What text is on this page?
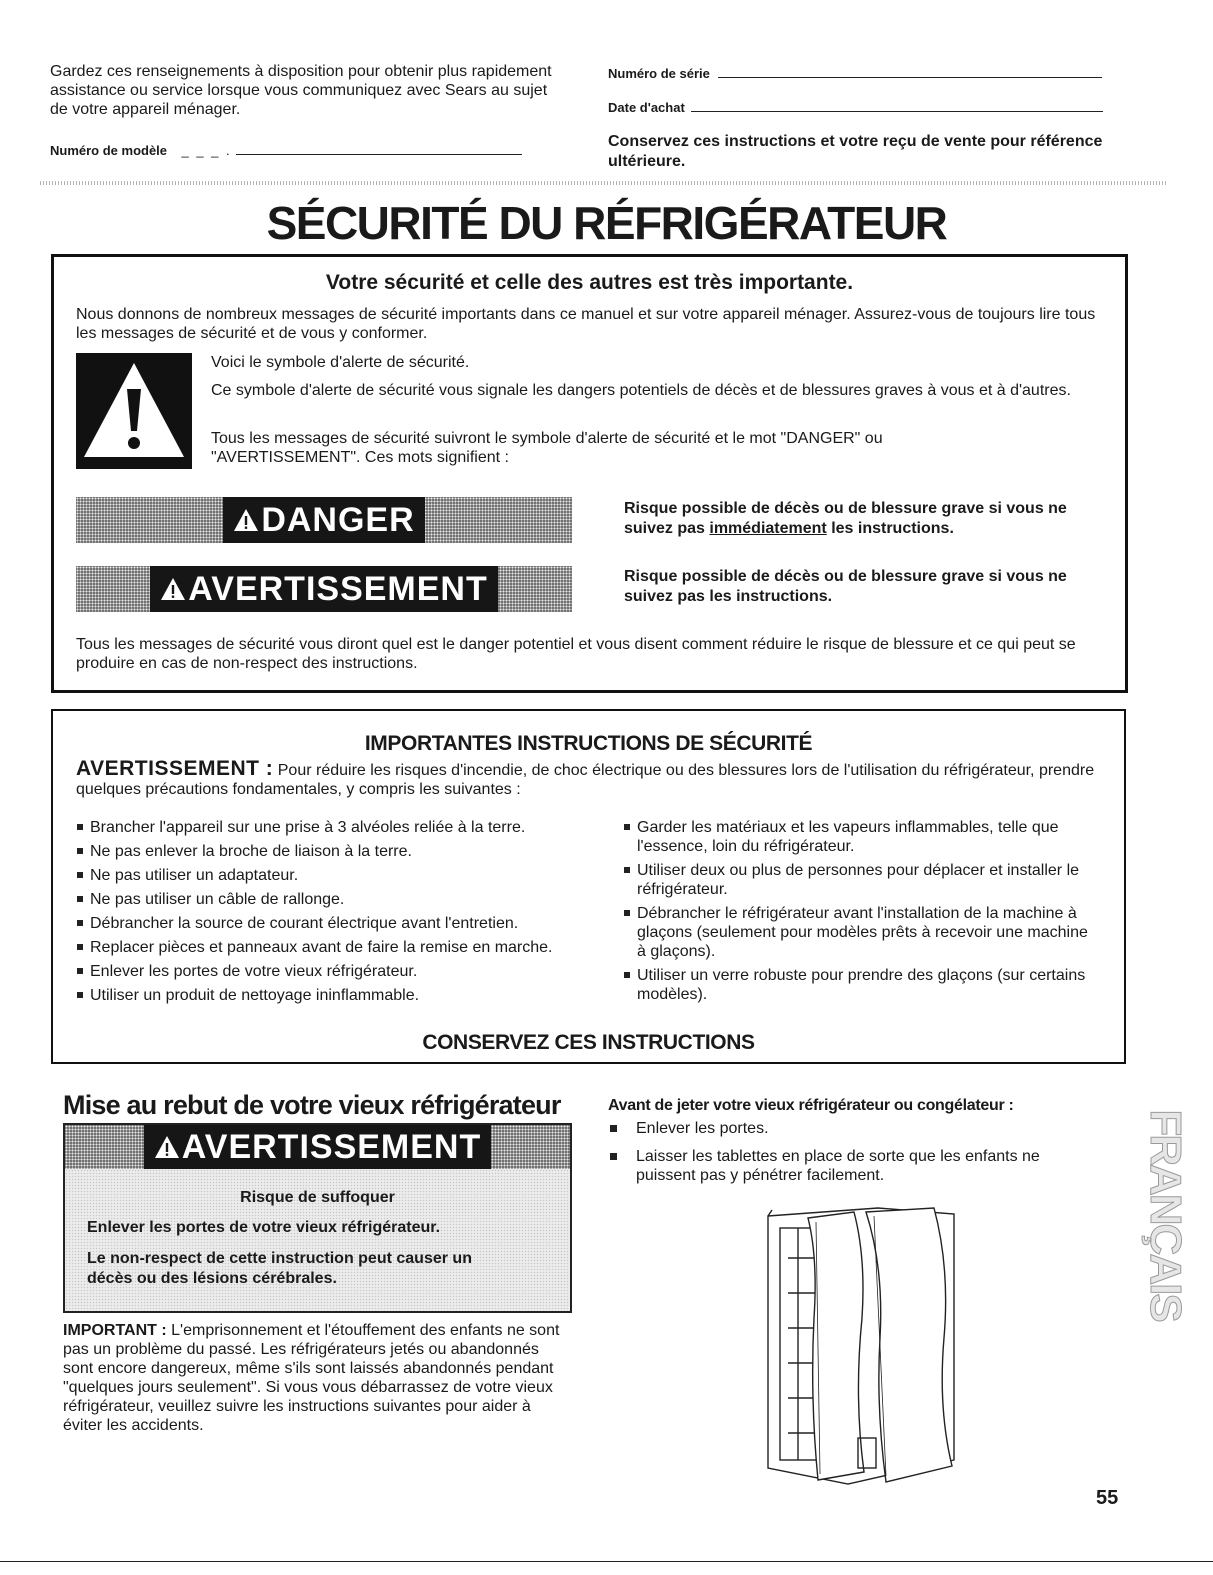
Gardez ces renseignements à disposition pour obtenir plus rapidement assistance ou service lorsque vous communiquez avec Sears au sujet de votre appareil ménager.
Numéro de modèle _ _ _ .
Numéro de série
Date d'achat
Conservez ces instructions et votre reçu de vente pour référence ultérieure.
SÉCURITÉ DU RÉFRIGÉRATEUR
Votre sécurité et celle des autres est très importante.
Nous donnons de nombreux messages de sécurité importants dans ce manuel et sur votre appareil ménager. Assurez-vous de toujours lire tous les messages de sécurité et de vous y conformer.
Voici le symbole d'alerte de sécurité.
Ce symbole d'alerte de sécurité vous signale les dangers potentiels de décès et de blessures graves à vous et à d'autres.
Tous les messages de sécurité suivront le symbole d'alerte de sécurité et le mot "DANGER" ou "AVERTISSEMENT". Ces mots signifient :
DANGER	Risque possible de décès ou de blessure grave si vous ne suivez pas immédiatement les instructions.
AVERTISSEMENT	Risque possible de décès ou de blessure grave si vous ne suivez pas les instructions.
Tous les messages de sécurité vous diront quel est le danger potentiel et vous disent comment réduire le risque de blessure et ce qui peut se produire en cas de non-respect des instructions.
IMPORTANTES INSTRUCTIONS DE SÉCURITÉ
AVERTISSEMENT : Pour réduire les risques d'incendie, de choc électrique ou des blessures lors de l'utilisation du réfrigérateur, prendre quelques précautions fondamentales, y compris les suivantes :
Brancher l'appareil sur une prise à 3 alvéoles reliée à la terre.
Ne pas enlever la broche de liaison à la terre.
Ne pas utiliser un adaptateur.
Ne pas utiliser un câble de rallonge.
Débrancher la source de courant électrique avant l'entretien.
Replacer pièces et panneaux avant de faire la remise en marche.
Enlever les portes de votre vieux réfrigérateur.
Utiliser un produit de nettoyage ininflammable.
Garder les matériaux et les vapeurs inflammables, telle que l'essence, loin du réfrigérateur.
Utiliser deux ou plus de personnes pour déplacer et installer le réfrigérateur.
Débrancher le réfrigérateur avant l'installation de la machine à glaçons (seulement pour modèles prêts à recevoir une machine à glaçons).
Utiliser un verre robuste pour prendre des glaçons (sur certains modèles).
CONSERVEZ CES INSTRUCTIONS
Mise au rebut de votre vieux réfrigérateur
AVERTISSEMENT
Risque de suffoquer
Enlever les portes de votre vieux réfrigérateur.
Le non-respect de cette instruction peut causer un décès ou des lésions cérébrales.
IMPORTANT : L'emprisonnement et l'étouffement des enfants ne sont pas un problème du passé. Les réfrigérateurs jetés ou abandonnés sont encore dangereux, même s'ils sont laissés abandonnés pendant "quelques jours seulement". Si vous vous débarrassez de votre vieux réfrigérateur, veuillez suivre les instructions suivantes pour aider à éviter les accidents.
Avant de jeter votre vieux réfrigérateur ou congélateur :
Enlever les portes.
Laisser les tablettes en place de sorte que les enfants ne puissent pas y pénétrer facilement.	FRANÇAIS
55
